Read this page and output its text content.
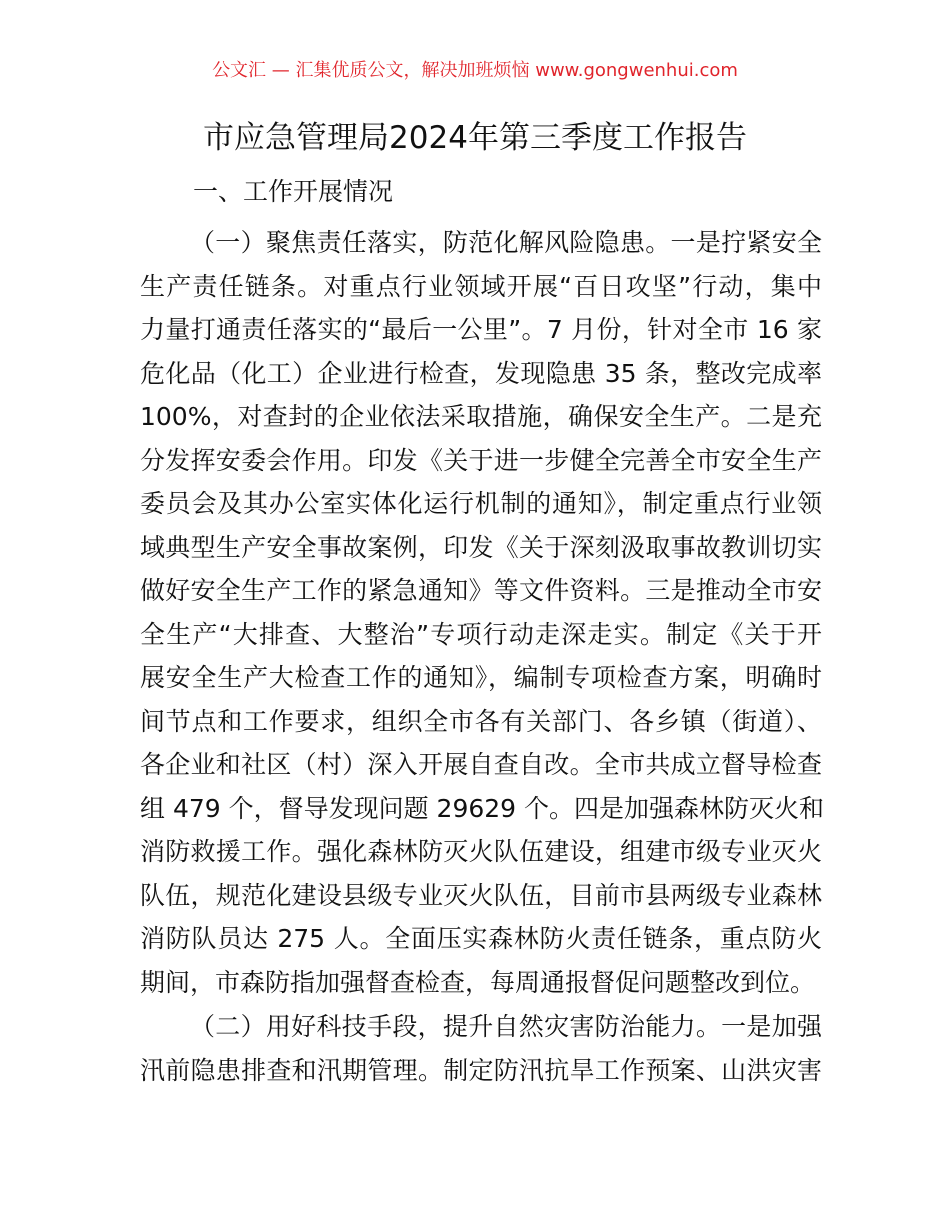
公文汇 — 汇集优质公文，解决加班烦恼 www.gongwenhui.com
市应急管理局2024年第三季度工作报告
一、工作开展情况
（一）聚焦责任落实，防范化解风险隐患。一是拧紧安全
生产责任链条。对重点行业领域开展“百日攻坚”行动，集中
力量打通责任落实的“最后一公里”。7 月份，针对全市 16 家
危化品（化工）企业进行检查，发现隐患 35 条，整改完成率
100%，对查封的企业依法采取措施，确保安全生产。二是充
分发挥安委会作用。印发《关于进一步健全完善全市安全生产
委员会及其办公室实体化运行机制的通知》，制定重点行业领
域典型生产安全事故案例，印发《关于深刻汲取事故教训切实
做好安全生产工作的紧急通知》等文件资料。三是推动全市安
全生产“大排查、大整治”专项行动走深走实。制定《关于开
展安全生产大检查工作的通知》，编制专项检查方案，明确时
间节点和工作要求，组织全市各有关部门、各乡镇（街道）、
各企业和社区（村）深入开展自查自改。全市共成立督导检查
组 479 个，督导发现问题 29629 个。四是加强森林防灭火和
消防救援工作。强化森林防灭火队伍建设，组建市级专业灭火
队伍，规范化建设县级专业灭火队伍，目前市县两级专业森林
消防队员达 275 人。全面压实森林防火责任链条，重点防火
期间，市森防指加强督查检查，每周通报督促问题整改到位。
（二）用好科技手段，提升自然灾害防治能力。一是加强
汛前隐患排查和汛期管理。制定防汛抗旱工作预案、山洪灾害
